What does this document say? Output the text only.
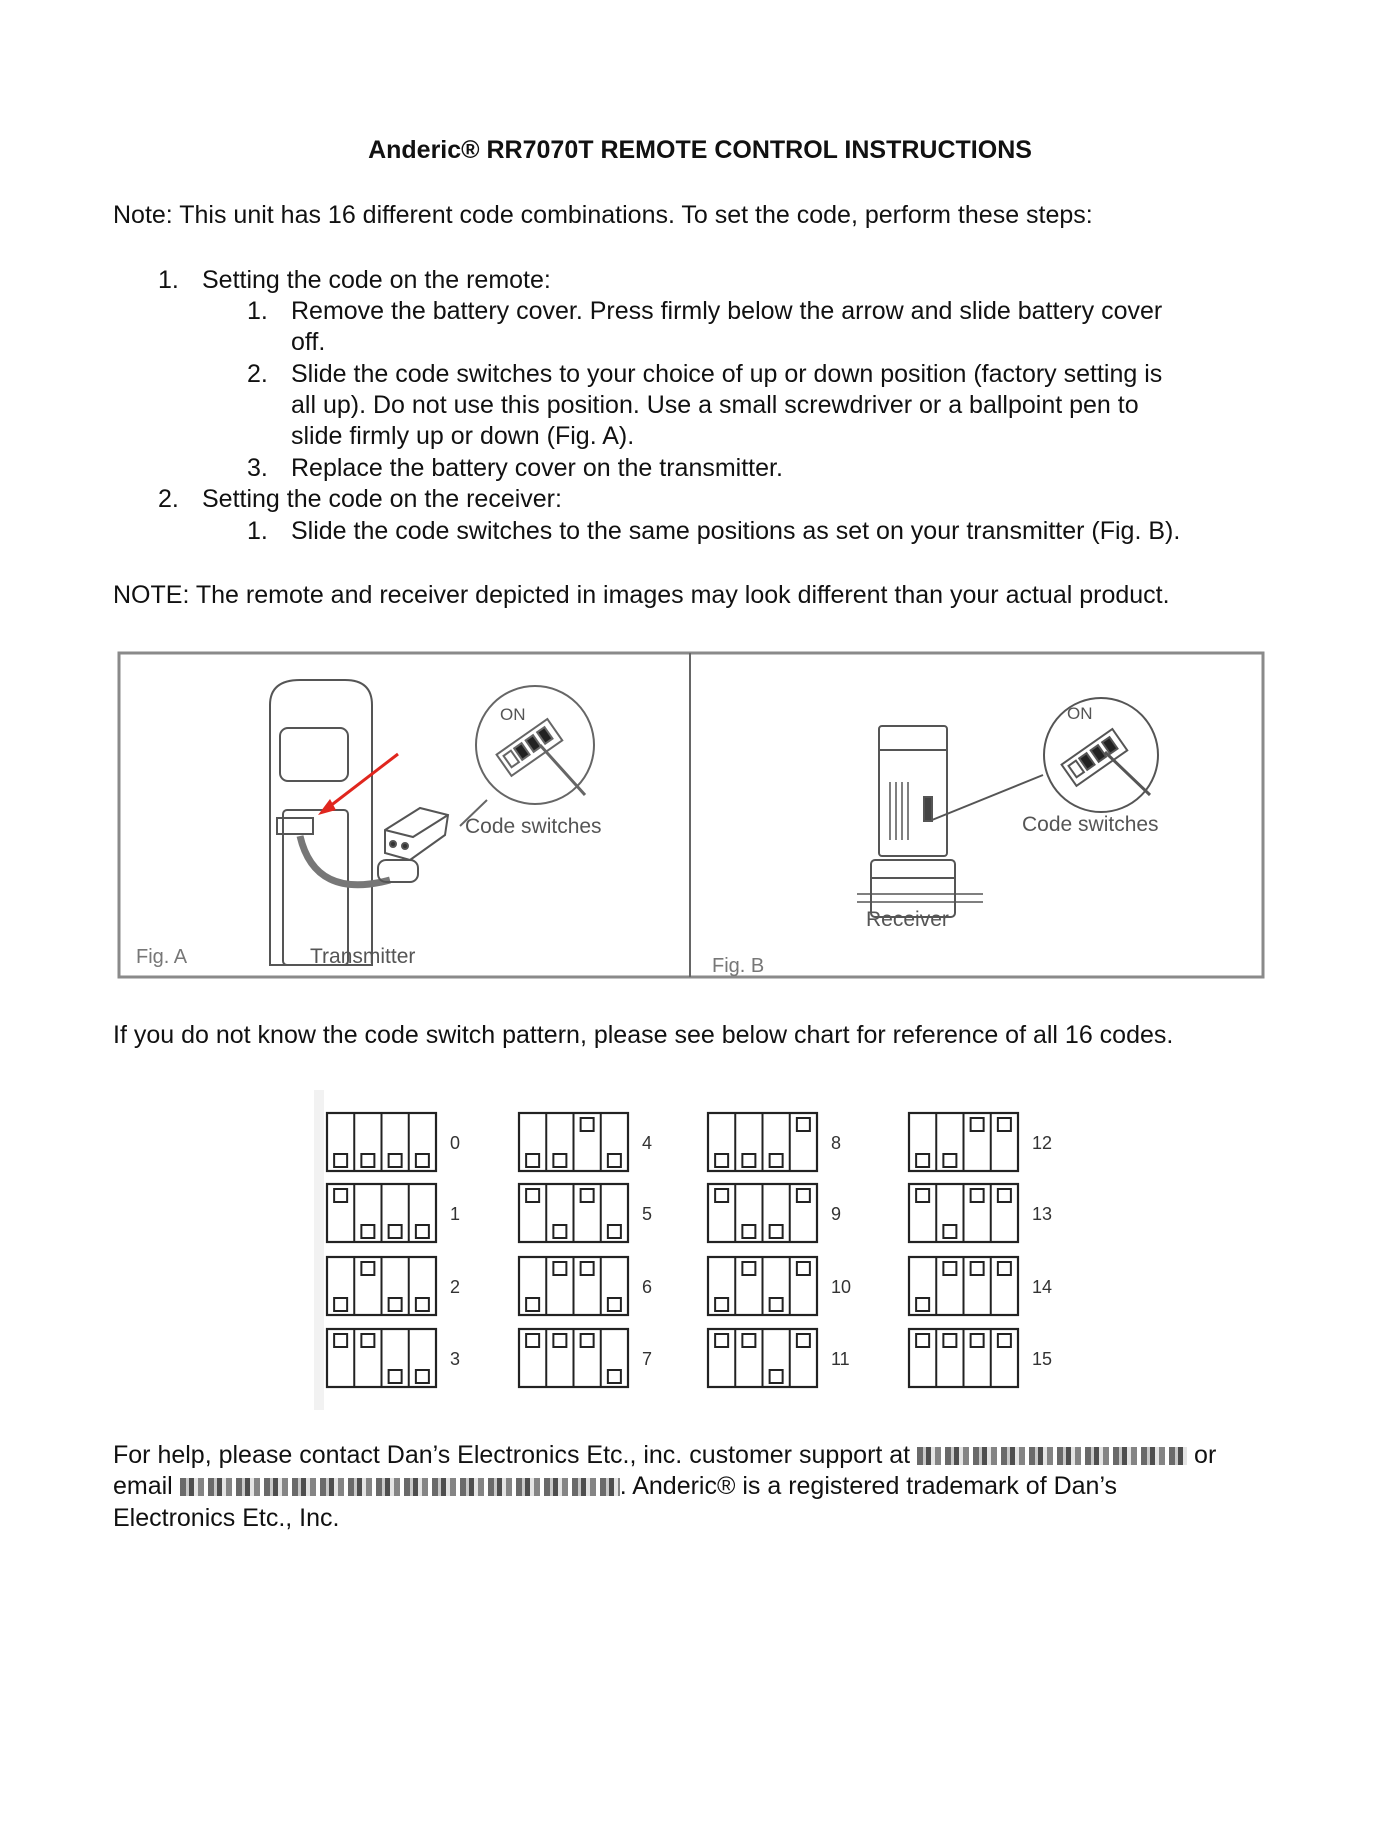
Anderic® RR7070T REMOTE CONTROL INSTRUCTIONS
Note: This unit has 16 different code combinations. To set the code, perform these steps:
1. Setting the code on the remote:
1. Remove the battery cover. Press firmly below the arrow and slide battery cover
off.
2. Slide the code switches to your choice of up or down position (factory setting is
all up). Do not use this position. Use a small screwdriver or a ballpoint pen to
slide firmly up or down (Fig. A).
3. Replace the battery cover on the transmitter.
2. Setting the code on the receiver:
1. Slide the code switches to the same positions as set on your transmitter (Fig. B).
NOTE: The remote and receiver depicted in images may look different than your actual product.
ON
Code switches
Fig. A	Transmitter
ON
Code switches
Receiver
Fig. B
If you do not know the code switch pattern, please see below chart for reference of all 16 codes.
0
1
2
3
4
5
6
7
8
9
10
11
12
13
14
15
For help, please contact Dan’s Electronics Etc., inc. customer support at	or
email	. Anderic® is a registered trademark of Dan’s
Electronics Etc., Inc.
